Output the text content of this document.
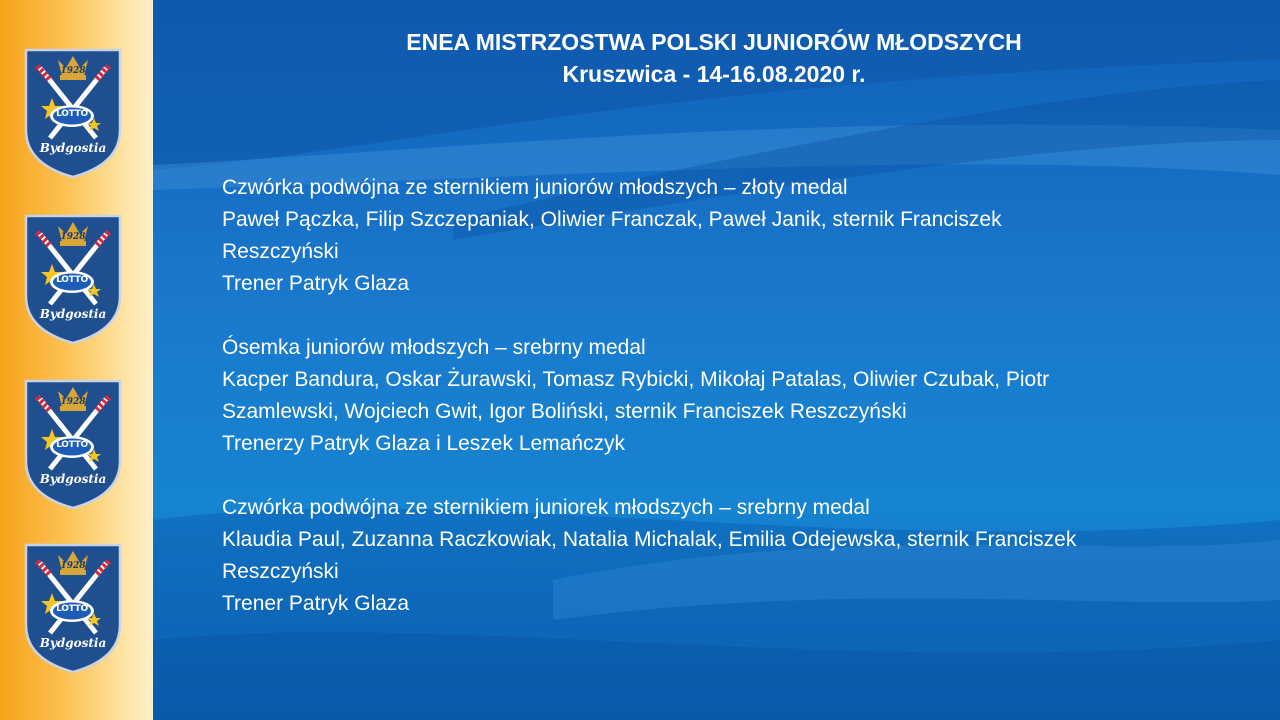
1928
LOTTO
Bydgostia
1928
LOTTO
Bydgostia
1928
LOTTO
Bydgostia
1928
LOTTO
Bydgostia
ENEA MISTRZOSTWA POLSKI JUNIORÓW MŁODSZYCH
Kruszwica - 14-16.08.2020 r.

Czwórka podwójna ze sternikiem juniorów młodszych – złoty medal

Paweł Pączka, Filip Szczepaniak, Oliwier Franczak, Paweł Janik, sternik Franciszek

Reszczyński

Trener Patryk Glaza

Ósemka juniorów młodszych – srebrny medal

Kacper Bandura, Oskar Żurawski, Tomasz Rybicki, Mikołaj Patalas, Oliwier Czubak, Piotr

Szamlewski, Wojciech Gwit, Igor Boliński, sternik Franciszek Reszczyński

Trenerzy Patryk Glaza i Leszek Lemańczyk

Czwórka podwójna ze sternikiem juniorek młodszych – srebrny medal

Klaudia Paul, Zuzanna Raczkowiak, Natalia Michalak, Emilia Odejewska, sternik Franciszek

Reszczyński

Trener Patryk Glaza
